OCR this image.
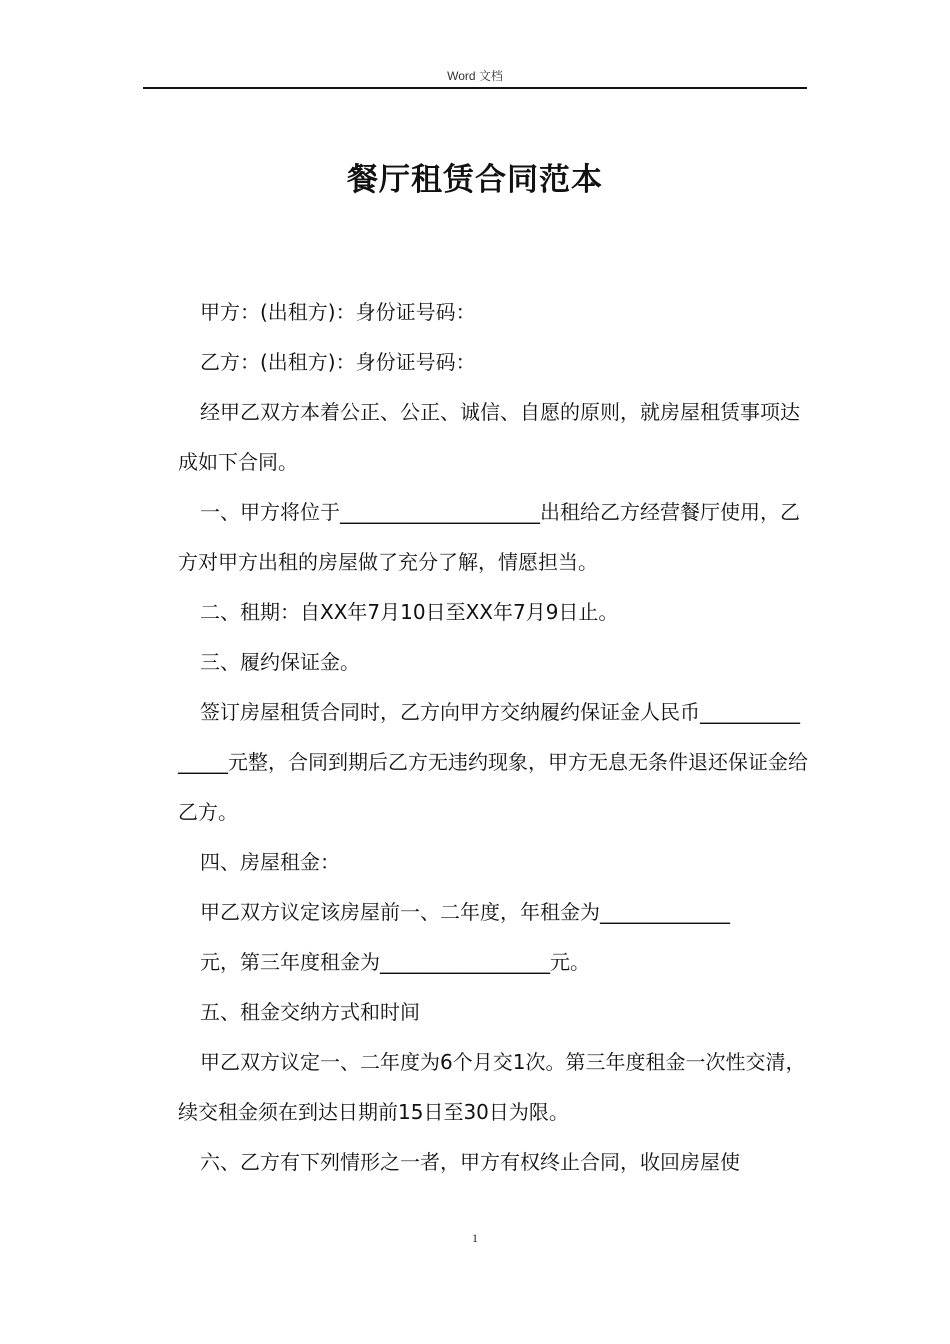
Word 文档
餐厅租赁合同范本

甲方：(出租方)：身份证号码：

乙方：(出租方)：身份证号码：

经甲乙双方本着公正、公正、诚信、自愿的原则，就房屋租赁事项达成如下合同。

一、甲方将位于____________________出租给乙方经营餐厅使用，乙方对甲方出租的房屋做了充分了解，情愿担当。

二、租期：自XX年7月10日至XX年7月9日止。

三、履约保证金。

签订房屋租赁合同时，乙方向甲方交纳履约保证金人民币_______________元整，合同到期后乙方无违约现象，甲方无息无条件退还保证金给乙方。

四、房屋租金：

甲乙双方议定该房屋前一、二年度，年租金为_____________

元，第三年度租金为_________________元。

五、租金交纳方式和时间

甲乙双方议定一、二年度为6个月交1次。第三年度租金一次性交清，续交租金须在到达日期前15日至30日为限。

六、乙方有下列情形之一者，甲方有权终止合同，收回房屋使

1
